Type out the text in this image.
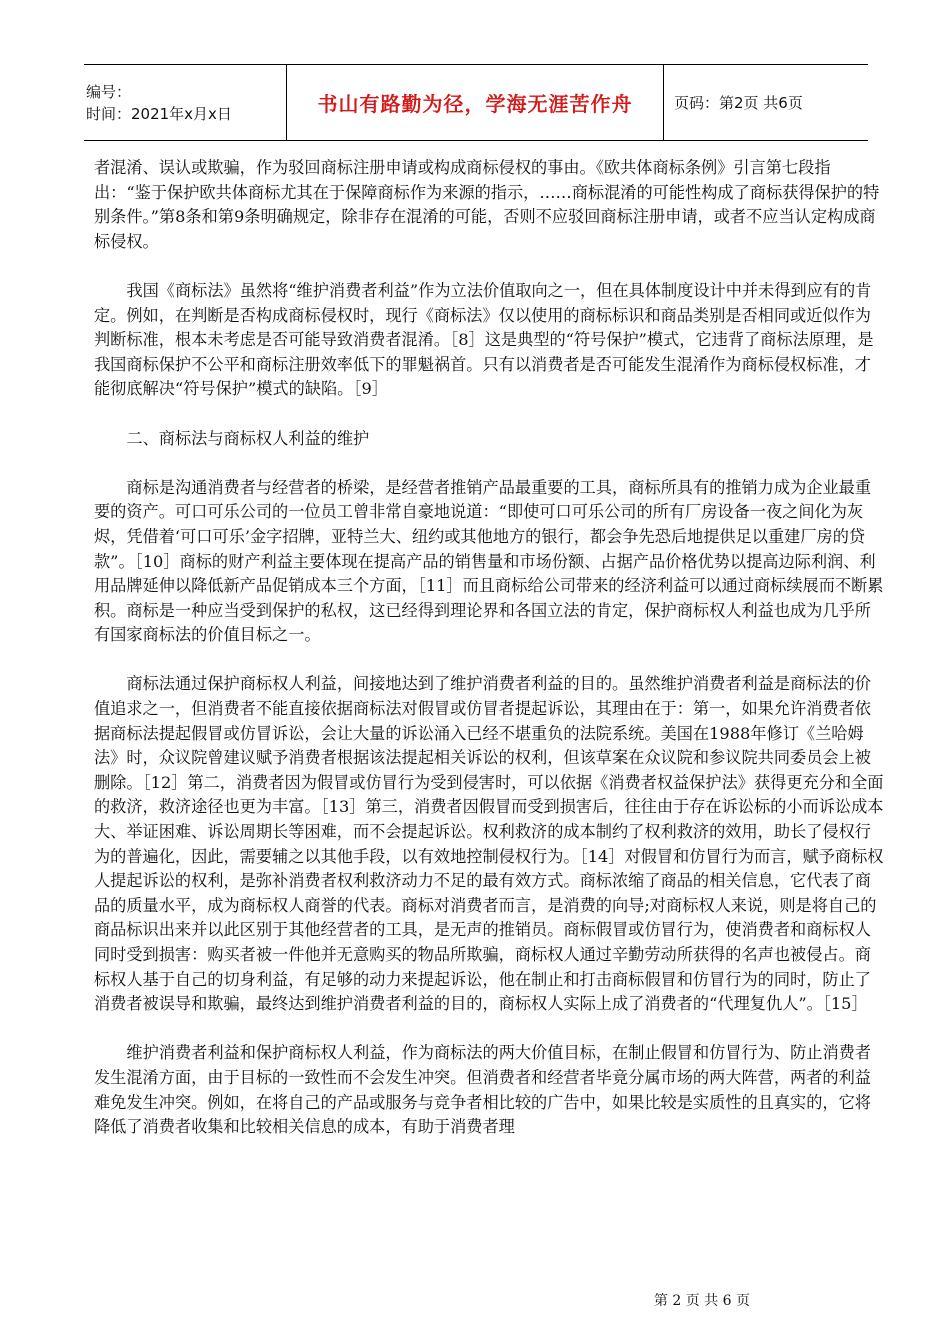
编号：
时间：2021年x月x日	书山有路勤为径，学海无涯苦作舟	页码：第2页 共6页

者混淆、误认或欺骗，作为驳回商标注册申请或构成商标侵权的事由。《欧共体商标条例》引言第七段指出：“鉴于保护欧共体商标尤其在于保障商标作为来源的指示，……商标混淆的可能性构成了商标获得保护的特别条件。”第8条和第9条明确规定，除非存在混淆的可能，否则不应驳回商标注册申请，或者不应当认定构成商标侵权。

我国《商标法》虽然将“维护消费者利益”作为立法价值取向之一，但在具体制度设计中并未得到应有的肯定。例如，在判断是否构成商标侵权时，现行《商标法》仅以使用的商标标识和商品类别是否相同或近似作为判断标准，根本未考虑是否可能导致消费者混淆。［8］这是典型的“符号保护”模式，它违背了商标法原理，是我国商标保护不公平和商标注册效率低下的罪魁祸首。只有以消费者是否可能发生混淆作为商标侵权标准，才能彻底解决“符号保护”模式的缺陷。［9］

二、商标法与商标权人利益的维护

商标是沟通消费者与经营者的桥梁，是经营者推销产品最重要的工具，商标所具有的推销力成为企业最重要的资产。可口可乐公司的一位员工曾非常自豪地说道：“即使可口可乐公司的所有厂房设备一夜之间化为灰烬，凭借着‘可口可乐’金字招牌，亚特兰大、纽约或其他地方的银行，都会争先恐后地提供足以重建厂房的贷款”。［10］商标的财产利益主要体现在提高产品的销售量和市场份额、占据产品价格优势以提高边际利润、利用品牌延伸以降低新产品促销成本三个方面，［11］而且商标给公司带来的经济利益可以通过商标续展而不断累积。商标是一种应当受到保护的私权，这已经得到理论界和各国立法的肯定，保护商标权人利益也成为几乎所有国家商标法的价值目标之一。

商标法通过保护商标权人利益，间接地达到了维护消费者利益的目的。虽然维护消费者利益是商标法的价值追求之一，但消费者不能直接依据商标法对假冒或仿冒者提起诉讼，其理由在于：第一，如果允许消费者依据商标法提起假冒或仿冒诉讼，会让大量的诉讼涌入已经不堪重负的法院系统。美国在1988年修订《兰哈姆法》时，众议院曾建议赋予消费者根据该法提起相关诉讼的权利，但该草案在众议院和参议院共同委员会上被删除。［12］第二，消费者因为假冒或仿冒行为受到侵害时，可以依据《消费者权益保护法》获得更充分和全面的救济，救济途径也更为丰富。［13］第三，消费者因假冒而受到损害后，往往由于存在诉讼标的小而诉讼成本大、举证困难、诉讼周期长等困难，而不会提起诉讼。权利救济的成本制约了权利救济的效用，助长了侵权行为的普遍化，因此，需要辅之以其他手段，以有效地控制侵权行为。［14］对假冒和仿冒行为而言，赋予商标权人提起诉讼的权利，是弥补消费者权利救济动力不足的最有效方式。商标浓缩了商品的相关信息，它代表了商品的质量水平，成为商标权人商誉的代表。商标对消费者而言，是消费的向导;对商标权人来说，则是将自己的商品标识出来并以此区别于其他经营者的工具，是无声的推销员。商标假冒或仿冒行为，使消费者和商标权人同时受到损害：购买者被一件他并无意购买的物品所欺骗，商标权人通过辛勤劳动所获得的名声也被侵占。商标权人基于自己的切身利益，有足够的动力来提起诉讼，他在制止和打击商标假冒和仿冒行为的同时，防止了消费者被误导和欺骗，最终达到维护消费者利益的目的，商标权人实际上成了消费者的“代理复仇人”。［15］

维护消费者利益和保护商标权人利益，作为商标法的两大价值目标，在制止假冒和仿冒行为、防止消费者发生混淆方面，由于目标的一致性而不会发生冲突。但消费者和经营者毕竟分属市场的两大阵营，两者的利益难免发生冲突。例如，在将自己的产品或服务与竞争者相比较的广告中，如果比较是实质性的且真实的，它将降低了消费者收集和比较相关信息的成本，有助于消费者理

第 2 页 共 6 页
